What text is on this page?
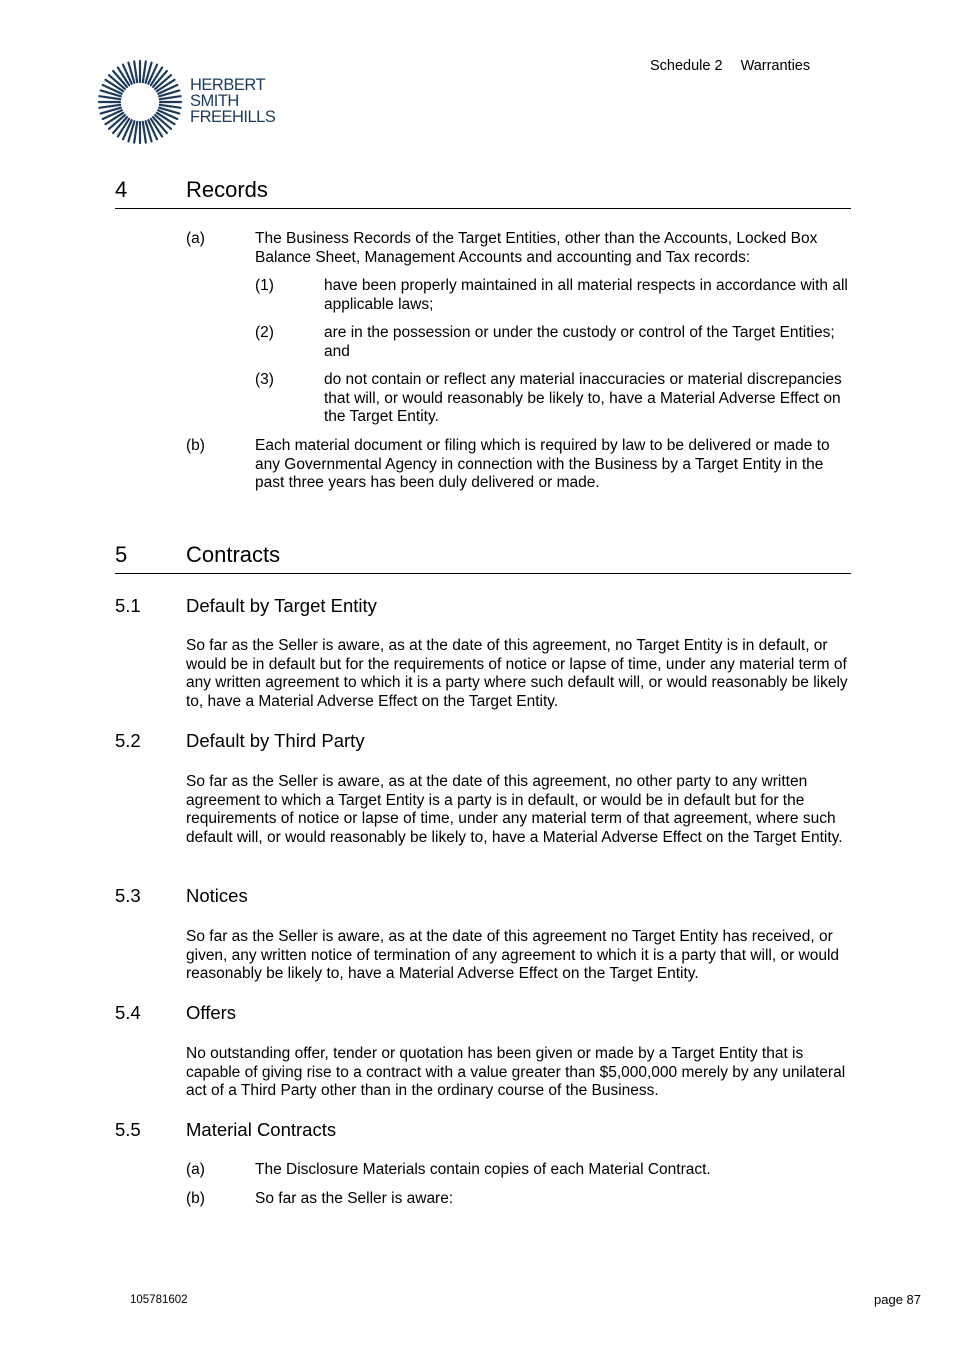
HERBERT
SMITH
FREEHILLS
Schedule 2 Warranties
4	Records
(a)	The Business Records of the Target Entities, other than the Accounts, Locked Box Balance Sheet, Management Accounts and accounting and Tax records:
(1)	have been properly maintained in all material respects in accordance with all applicable laws;
(2)	are in the possession or under the custody or control of the Target Entities; and
(3)	do not contain or reflect any material inaccuracies or material discrepancies that will, or would reasonably be likely to, have a Material Adverse Effect on the Target Entity.
(b)	Each material document or filing which is required by law to be delivered or made to any Governmental Agency in connection with the Business by a Target Entity in the past three years has been duly delivered or made.
5	Contracts
5.1 Default by Target Entity
So far as the Seller is aware, as at the date of this agreement, no Target Entity is in default, or would be in default but for the requirements of notice or lapse of time, under any material term of any written agreement to which it is a party where such default will, or would reasonably be likely to, have a Material Adverse Effect on the Target Entity.
5.2 Default by Third Party
So far as the Seller is aware, as at the date of this agreement, no other party to any written agreement to which a Target Entity is a party is in default, or would be in default but for the requirements of notice or lapse of time, under any material term of that agreement, where such default will, or would reasonably be likely to, have a Material Adverse Effect on the Target Entity.
5.3 Notices
So far as the Seller is aware, as at the date of this agreement no Target Entity has received, or given, any written notice of termination of any agreement to which it is a party that will, or would reasonably be likely to, have a Material Adverse Effect on the Target Entity.
5.4 Offers
No outstanding offer, tender or quotation has been given or made by a Target Entity that is capable of giving rise to a contract with a value greater than $5,000,000 merely by any unilateral act of a Third Party other than in the ordinary course of the Business.
5.5 Material Contracts
(a)	The Disclosure Materials contain copies of each Material Contract.
(b)	So far as the Seller is aware:
105781602	page 87
